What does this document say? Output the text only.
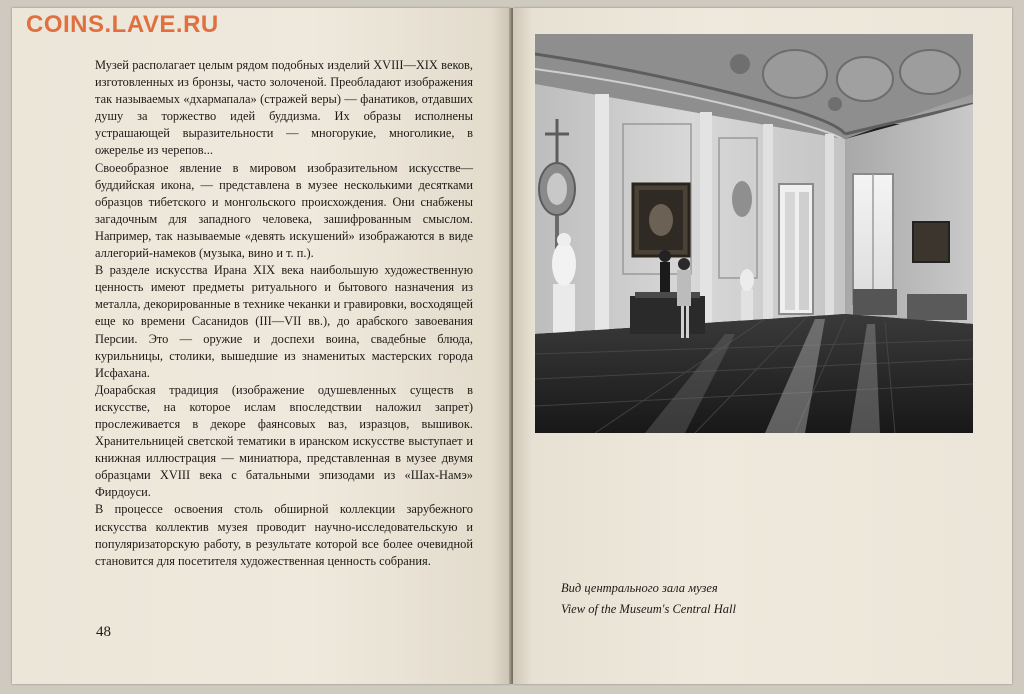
COINS.LAVE.RU

Музей располагает целым рядом подобных изделий XVIII—XIX веков, изготовленных из бронзы, часто золоченой. Преобладают изображения так называемых «дхармапала» (стражей веры) — фанатиков, отдавших душу за торжество идей буддизма. Их образы исполнены устрашающей выразительности — многорукие, многоликие, в ожерелье из черепов...

Своеобразное явление в мировом изобразительном искусстве—буддийская икона, — представлена в музее несколькими десятками образцов тибетского и монгольского происхождения. Они снабжены загадочным для западного человека, зашифрованным смыслом. Например, так называемые «девять искушений» изображаются в виде аллегорий-намеков (музыка, вино и т. п.).

В разделе искусства Ирана XIX века наибольшую художественную ценность имеют предметы ритуального и бытового назначения из металла, декорированные в технике чеканки и гравировки, восходящей еще ко времени Сасанидов (III—VII вв.), до арабского завоевания Персии. Это — оружие и доспехи воина, свадебные блюда, курильницы, столики, вышедшие из знаменитых мастерских города Исфахана.

Доарабская традиция (изображение одушевленных существ в искусстве, на которое ислам впоследствии наложил запрет) прослеживается в декоре фаянсовых ваз, изразцов, вышивок. Хранительницей светской тематики в иранском искусстве выступает и книжная иллюстрация — миниатюра, представленная в музее двумя образцами XVIII века с батальными эпизодами из «Шах-Намэ» Фирдоуси.

В процессе освоения столь обширной коллекции зарубежного искусства коллектив музея проводит научно-исследовательскую и популяризаторскую работу, в результате которой все более очевидной становится для посетителя художественная ценность собрания.

48
Вид центрального зала музея
View of the Museum's Central Hall
